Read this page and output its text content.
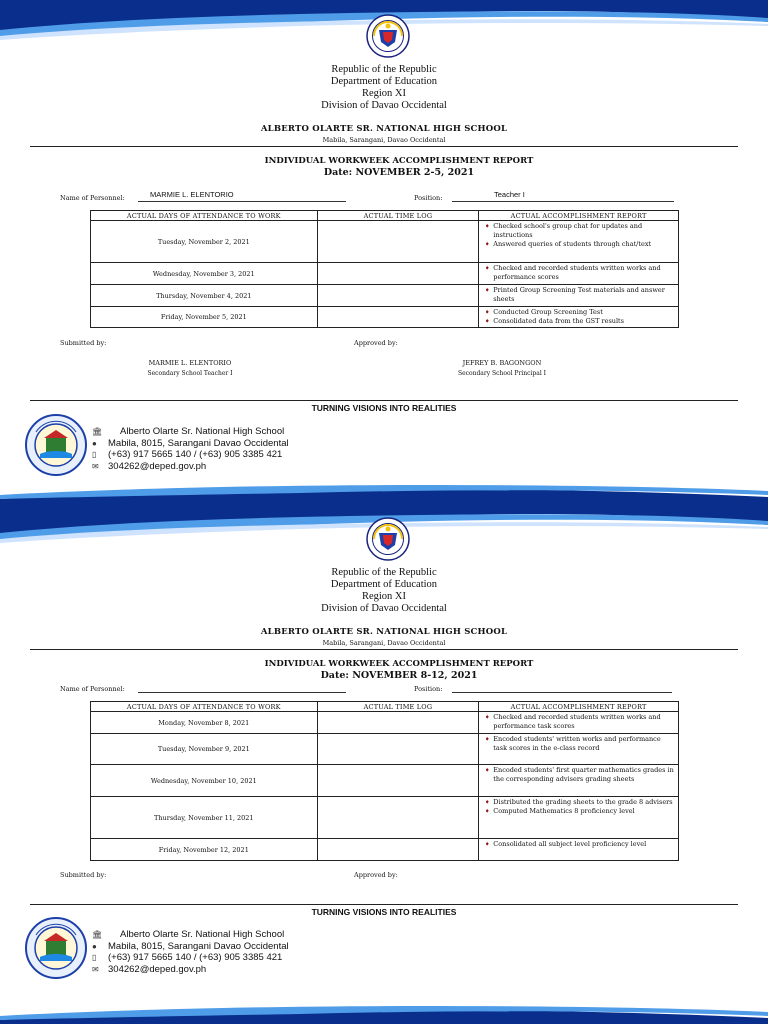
Republic of the Republic
Department of Education
Region XI
Division of Davao Occidental
ALBERTO OLARTE SR. NATIONAL HIGH SCHOOL
Mabila, Sarangani, Davao Occidental
INDIVIDUAL WORKWEEK ACCOMPLISHMENT REPORT
Date: NOVEMBER 2-5, 2021
Name of Personnel:	MARMIE L. ELENTORIO	Position:	Teacher I
ACTUAL DAYS OF ATTENDANCE TO WORK	ACTUAL TIME LOG	ACTUAL ACCOMPLISHMENT REPORT
Tuesday, November 2, 2021		➧ Checked school's group chat for updates and instructions
➧ Answered queries of students through chat/text

Wednesday, November 3, 2021		➧ Checked and recorded students written works and performance scores

Thursday, November 4, 2021		➧ Printed Group Screening Test materials and answer sheets

Friday, November 5, 2021		➧ Conducted Group Screening Test
➧ Consolidated data from the GST results
Submitted by:	Approved by:
MARMIE L. ELENTORIO
Secondary School Teacher I
JEFREY B. BAGONGON
Secondary School Principal I
TURNING VISIONS INTO REALITIES
🏛	Alberto Olarte Sr. National High School
●	Mabila, 8015, Sarangani Davao Occidental
▯	(+63) 917 5665 140 / (+63) 905 3385 421
✉ 304262@deped.gov.ph
Republic of the Republic
Department of Education
Region XI
Division of Davao Occidental
ALBERTO OLARTE SR. NATIONAL HIGH SCHOOL
Mabila, Sarangani, Davao Occidental
INDIVIDUAL WORKWEEK ACCOMPLISHMENT REPORT
Date: NOVEMBER 8-12, 2021
Name of Personnel:	Position:
ACTUAL DAYS OF ATTENDANCE TO WORK	ACTUAL TIME LOG	ACTUAL ACCOMPLISHMENT REPORT
Monday, November 8, 2021		➧ Checked and recorded students written works and performance task scores

Tuesday, November 9, 2021		➧ Encoded students' written works and performance task scores in the e-class record

Wednesday, November 10, 2021		➧ Encoded students' first quarter mathematics grades in the corresponding advisers grading sheets

Thursday, November 11, 2021		➧ Distributed the grading sheets to the grade 8 advisers
➧ Computed Mathematics 8 proficiency level

Friday, November 12, 2021		➧ Consolidated all subject level proficiency level
Submitted by:	Approved by:
TURNING VISIONS INTO REALITIES
🏛	Alberto Olarte Sr. National High School
●	Mabila, 8015, Sarangani Davao Occidental
▯	(+63) 917 5665 140 / (+63) 905 3385 421
✉ 304262@deped.gov.ph
